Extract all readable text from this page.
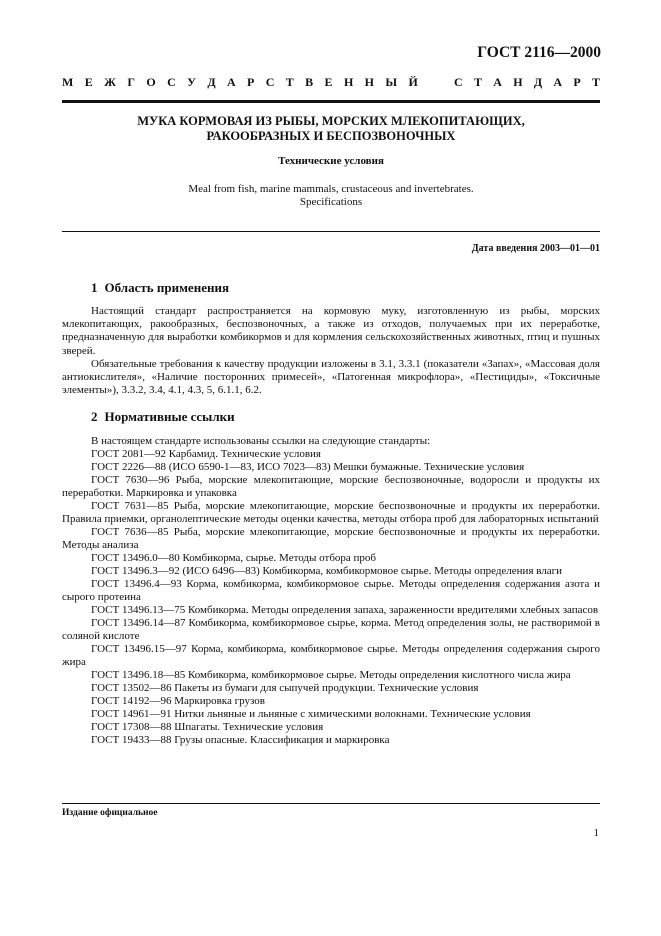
ГОСТ 2116—2000
М Е Ж Г О С У Д А Р С Т В Е Н Н Ы Й	С Т А Н Д А Р Т
МУКА КОРМОВАЯ ИЗ РЫБЫ, МОРСКИХ МЛЕКОПИТАЮЩИХ,
РАКООБРАЗНЫХ И БЕСПОЗВОНОЧНЫХ
Технические условия
Meal from fish, marine mammals, crustaceous and invertebrates.
Specifications
Дата введения 2003—01—01
1 Область применения
Настоящий стандарт распространяется на кормовую муку, изготовленную из рыбы, морских млекопитающих, ракообразных, беспозвоночных, а также из отходов, получаемых при их переработке, предназначенную для выработки комбикормов и для кормления сельскохозяйственных животных, птиц и пушных зверей.
Обязательные требования к качеству продукции изложены в 3.1, 3.3.1 (показатели «Запах», «Массовая доля антиокислителя», «Наличие посторонних примесей», «Патогенная микрофлора», «Пестициды», «Токсичные элементы»), 3.3.2, 3.4, 4.1, 4.3, 5, 6.1.1, 6.2.
2 Нормативные ссылки

В настоящем стандарте использованы ссылки на следующие стандарты:

ГОСТ 2081—92 Карбамид. Технические условия

ГОСТ 2226—88 (ИСО 6590-1—83, ИСО 7023—83) Мешки бумажные. Технические условия

ГОСТ 7630—96 Рыба, морские млекопитающие, морские беспозвоночные, водоросли и продукты их переработки. Маркировка и упаковка

ГОСТ 7631—85 Рыба, морские млекопитающие, морские беспозвоночные и продукты их переработки. Правила приемки, органолептические методы оценки качества, методы отбора проб для лабораторных испытаний

ГОСТ 7636—85 Рыба, морские млекопитающие, морские беспозвоночные и продукты их переработки. Методы анализа

ГОСТ 13496.0—80 Комбикорма, сырье. Методы отбора проб

ГОСТ 13496.3—92 (ИСО 6496—83) Комбикорма, комбикормовое сырье. Методы определения влаги

ГОСТ 13496.4—93 Корма, комбикорма, комбикормовое сырье. Методы определения содержания азота и сырого протеина

ГОСТ 13496.13—75 Комбикорма. Методы определения запаха, зараженности вредителями хлебных запасов

ГОСТ 13496.14—87 Комбикорма, комбикормовое сырье, корма. Метод определения золы, не растворимой в соляной кислоте

ГОСТ 13496.15—97 Корма, комбикорма, комбикормовое сырье. Методы определения содержания сырого жира

ГОСТ 13496.18—85 Комбикорма, комбикормовое сырье. Методы определения кислотного числа жира

ГОСТ 13502—86 Пакеты из бумаги для сыпучей продукции. Технические условия

ГОСТ 14192—96 Маркировка грузов

ГОСТ 14961—91 Нитки льняные и льняные с химическими волокнами. Технические условия

ГОСТ 17308—88 Шпагаты. Технические условия

ГОСТ 19433—88 Грузы опасные. Классификация и маркировка

Издание официальное
1
